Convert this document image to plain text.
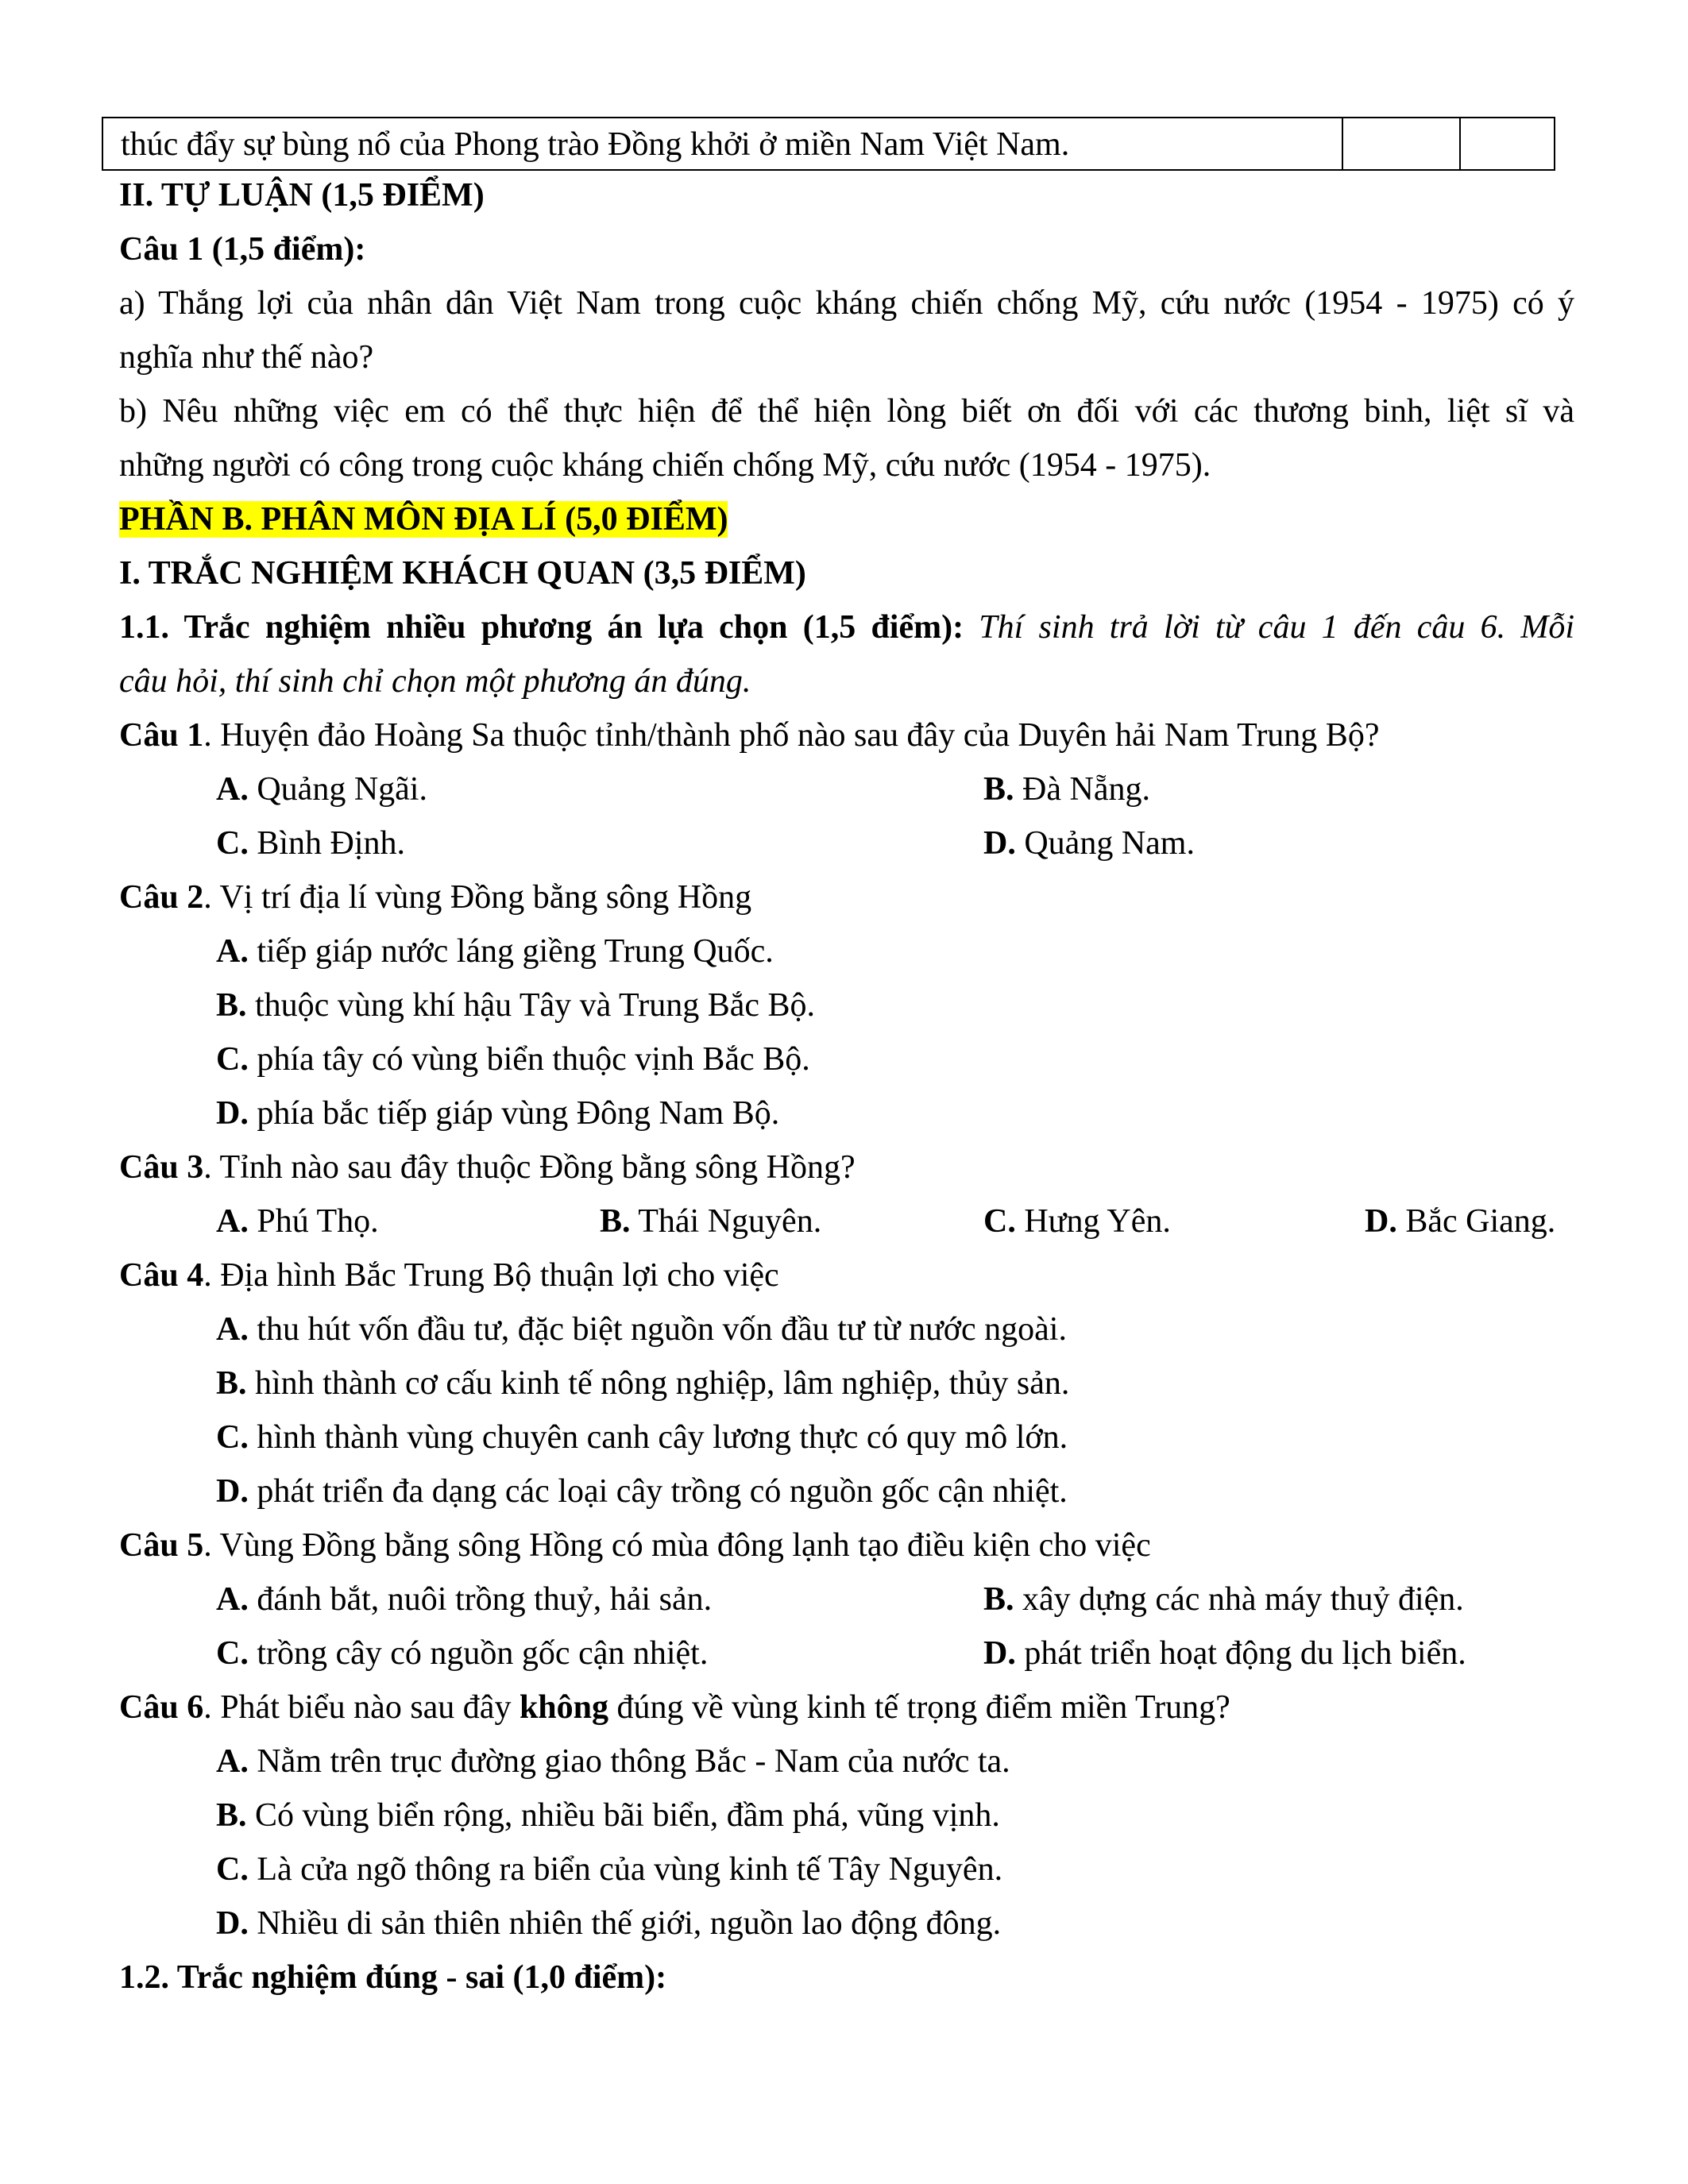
thúc đẩy sự bùng nổ của Phong trào Đồng khởi ở miền Nam Việt Nam.
II. TỰ LUẬN (1,5 ĐIỂM)
Câu 1 (1,5 điểm):
a) Thắng lợi của nhân dân Việt Nam trong cuộc kháng chiến chống Mỹ, cứu nước (1954 - 1975) có ý
nghĩa như thế nào?
b) Nêu những việc em có thể thực hiện để thể hiện lòng biết ơn đối với các thương binh, liệt sĩ và
những người có công trong cuộc kháng chiến chống Mỹ, cứu nước (1954 - 1975).
PHẦN B. PHÂN MÔN ĐỊA LÍ (5,0 ĐIỂM)
I. TRẮC NGHIỆM KHÁCH QUAN (3,5 ĐIỂM)
1.1. Trắc nghiệm nhiều phương án lựa chọn (1,5 điểm): Thí sinh trả lời từ câu 1 đến câu 6. Mỗi
câu hỏi, thí sinh chỉ chọn một phương án đúng.
Câu 1. Huyện đảo Hoàng Sa thuộc tỉnh/thành phố nào sau đây của Duyên hải Nam Trung Bộ?
A. Quảng Ngãi.	B. Đà Nẵng.
C. Bình Định.	D. Quảng Nam.
Câu 2. Vị trí địa lí vùng Đồng bằng sông Hồng
A. tiếp giáp nước láng giềng Trung Quốc.
B. thuộc vùng khí hậu Tây và Trung Bắc Bộ.
C. phía tây có vùng biển thuộc vịnh Bắc Bộ.
D. phía bắc tiếp giáp vùng Đông Nam Bộ.
Câu 3. Tỉnh nào sau đây thuộc Đồng bằng sông Hồng?
A. Phú Thọ.	B. Thái Nguyên.	C. Hưng Yên.	D. Bắc Giang.
Câu 4. Địa hình Bắc Trung Bộ thuận lợi cho việc
A. thu hút vốn đầu tư, đặc biệt nguồn vốn đầu tư từ nước ngoài.
B. hình thành cơ cấu kinh tế nông nghiệp, lâm nghiệp, thủy sản.
C. hình thành vùng chuyên canh cây lương thực có quy mô lớn.
D. phát triển đa dạng các loại cây trồng có nguồn gốc cận nhiệt.
Câu 5. Vùng Đồng bằng sông Hồng có mùa đông lạnh tạo điều kiện cho việc
A. đánh bắt, nuôi trồng thuỷ, hải sản.	B. xây dựng các nhà máy thuỷ điện.
C. trồng cây có nguồn gốc cận nhiệt.	D. phát triển hoạt động du lịch biển.
Câu 6. Phát biểu nào sau đây không đúng về vùng kinh tế trọng điểm miền Trung?
A. Nằm trên trục đường giao thông Bắc - Nam của nước ta.
B. Có vùng biển rộng, nhiều bãi biển, đầm phá, vũng vịnh.
C. Là cửa ngõ thông ra biển của vùng kinh tế Tây Nguyên.
D. Nhiều di sản thiên nhiên thế giới, nguồn lao động đông.
1.2. Trắc nghiệm đúng - sai (1,0 điểm):
